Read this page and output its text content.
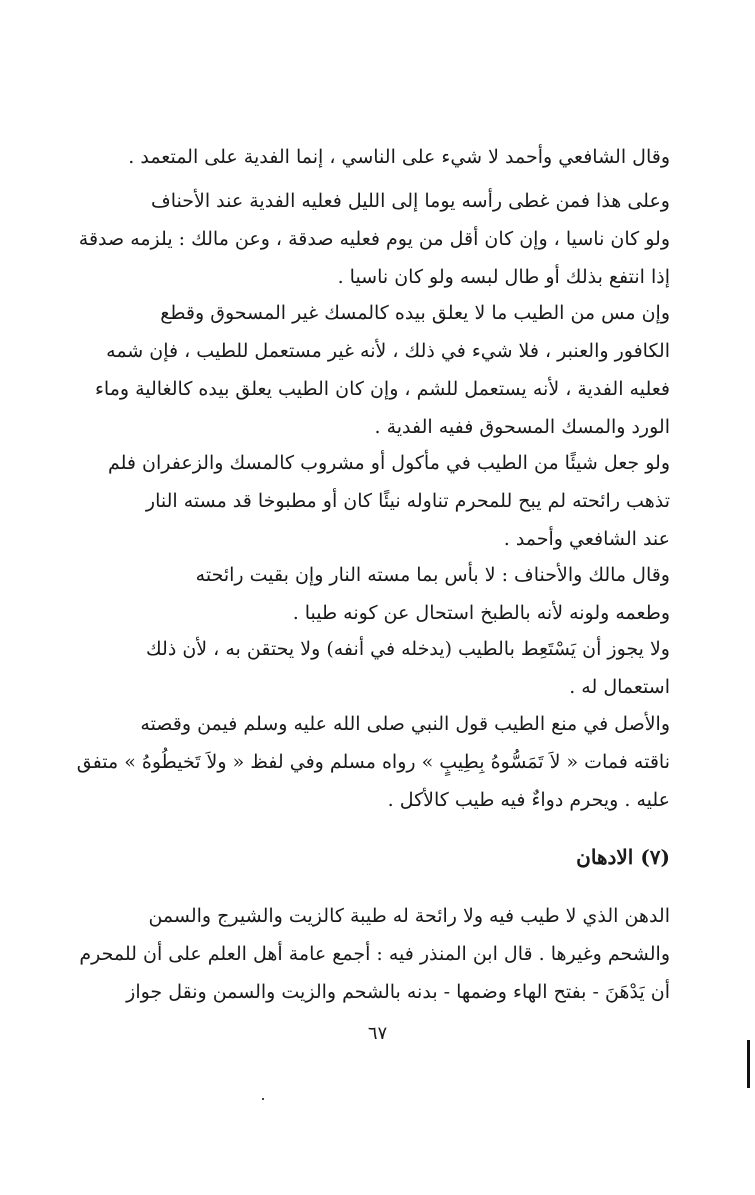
وقال الشافعي وأحمد لا شيء على الناسي ، إنما الفدية على المتعمد .
وعلى هذا فمن غطى رأسه يوما إلى الليل فعليه الفدية عند الأحناف
ولو كان ناسيا ، وإن كان أقل من يوم فعليه صدقة ، وعن مالك : يلزمه صدقة
إذا انتفع بذلك أو طال لبسه ولو كان ناسيا .
وإن مس من الطيب ما لا يعلق بيده كالمسك غير المسحوق وقطع
الكافور والعنبر ، فلا شيء في ذلك ، لأنه غير مستعمل للطيب ، فإن شمه
فعليه الفدية ، لأنه يستعمل للشم ، وإن كان الطيب يعلق بيده كالغالية وماء
الورد والمسك المسحوق ففيه الفدية .
ولو جعل شيئًا من الطيب في مأكول أو مشروب كالمسك والزعفران فلم
تذهب رائحته لم يبح للمحرم تناوله نيئًا كان أو مطبوخا قد مسته النار
عند الشافعي وأحمد .
وقال مالك والأحناف : لا بأس بما مسته النار وإن بقيت رائحته
وطعمه ولونه لأنه بالطبخ استحال عن كونه طيبا .
ولا يجوز أن يَسْتَعِط بالطيب (يدخله في أنفه) ولا يحتقن به ، لأن ذلك
استعمال له .
والأصل في منع الطيب قول النبي صلى الله عليه وسلم فيمن وقصته
ناقته فمات « لاَ تَمَسُّوهُ بِطِيبٍ » رواه مسلم وفي لفظ « ولاَ تَخيطُوهُ » متفق
عليه . ويحرم دواءٌ فيه طيب كالأكل .
(٧) الادهان
الدهن الذي لا طيب فيه ولا رائحة له طيبة كالزيت والشيرج والسمن
والشحم وغيرها . قال ابن المنذر فيه : أجمع عامة أهل العلم على أن للمحرم
أن يَدْهَنَ - بفتح الهاء وضمها - بدنه بالشحم والزيت والسمن ونقل جواز
٦٧
